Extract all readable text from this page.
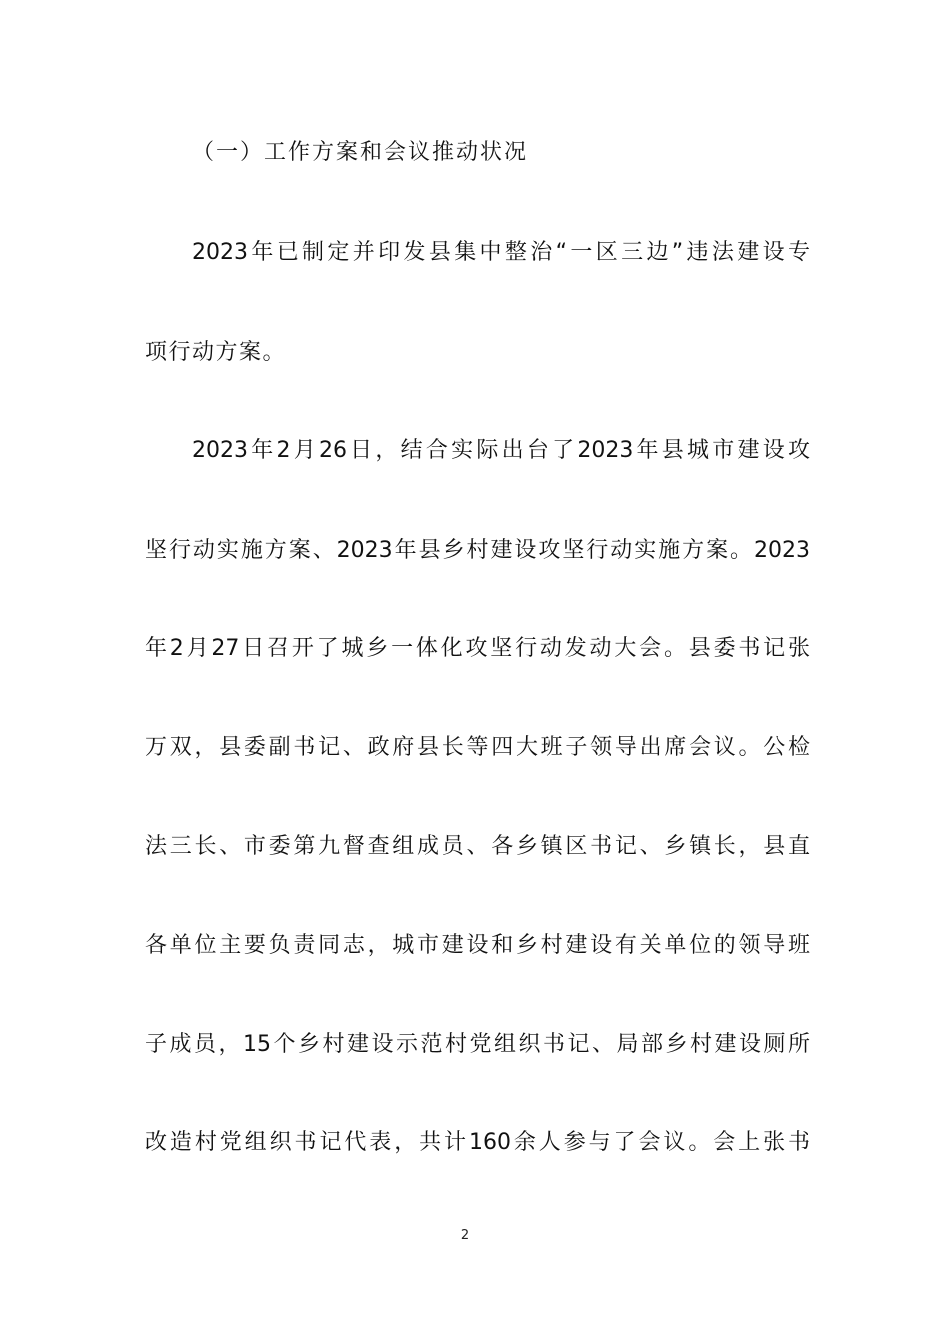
（一）工作方案和会议推动状况
2023年已制定并印发县集中整治“一区三边”违法建设专
项行动方案。
2023年2月26日，结合实际出台了2023年县城市建设攻
坚行动实施方案、2023年县乡村建设攻坚行动实施方案。2023
年2月27日召开了城乡一体化攻坚行动发动大会。县委书记张
万双，县委副书记、政府县长等四大班子领导出席会议。公检
法三长、市委第九督查组成员、各乡镇区书记、乡镇长，县直
各单位主要负责同志，城市建设和乡村建设有关单位的领导班
子成员，15个乡村建设示范村党组织书记、局部乡村建设厕所
改造村党组织书记代表，共计160余人参与了会议。会上张书
2
